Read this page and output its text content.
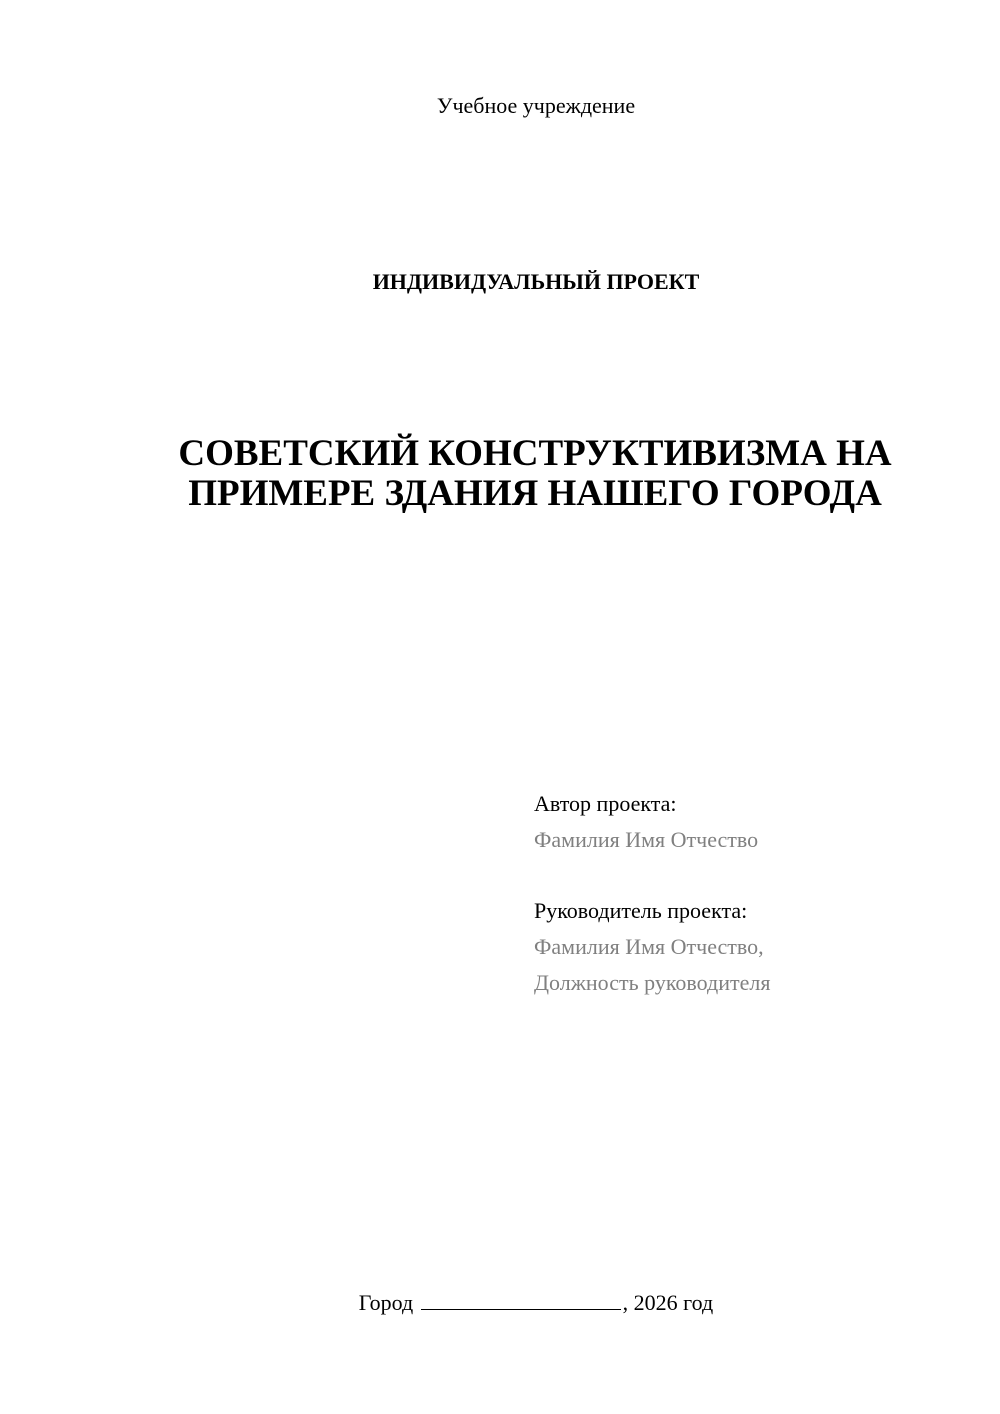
Учебное учреждение
ИНДИВИДУАЛЬНЫЙ ПРОЕКТ
СОВЕТСКИЙ КОНСТРУКТИВИЗМА НА
ПРИМЕРЕ ЗДАНИЯ НАШЕГО ГОРОДА
Автор проекта:
Фамилия Имя Отчество
Руководитель проекта:
Фамилия Имя Отчество,
Должность руководителя
Город	, 2026 год
